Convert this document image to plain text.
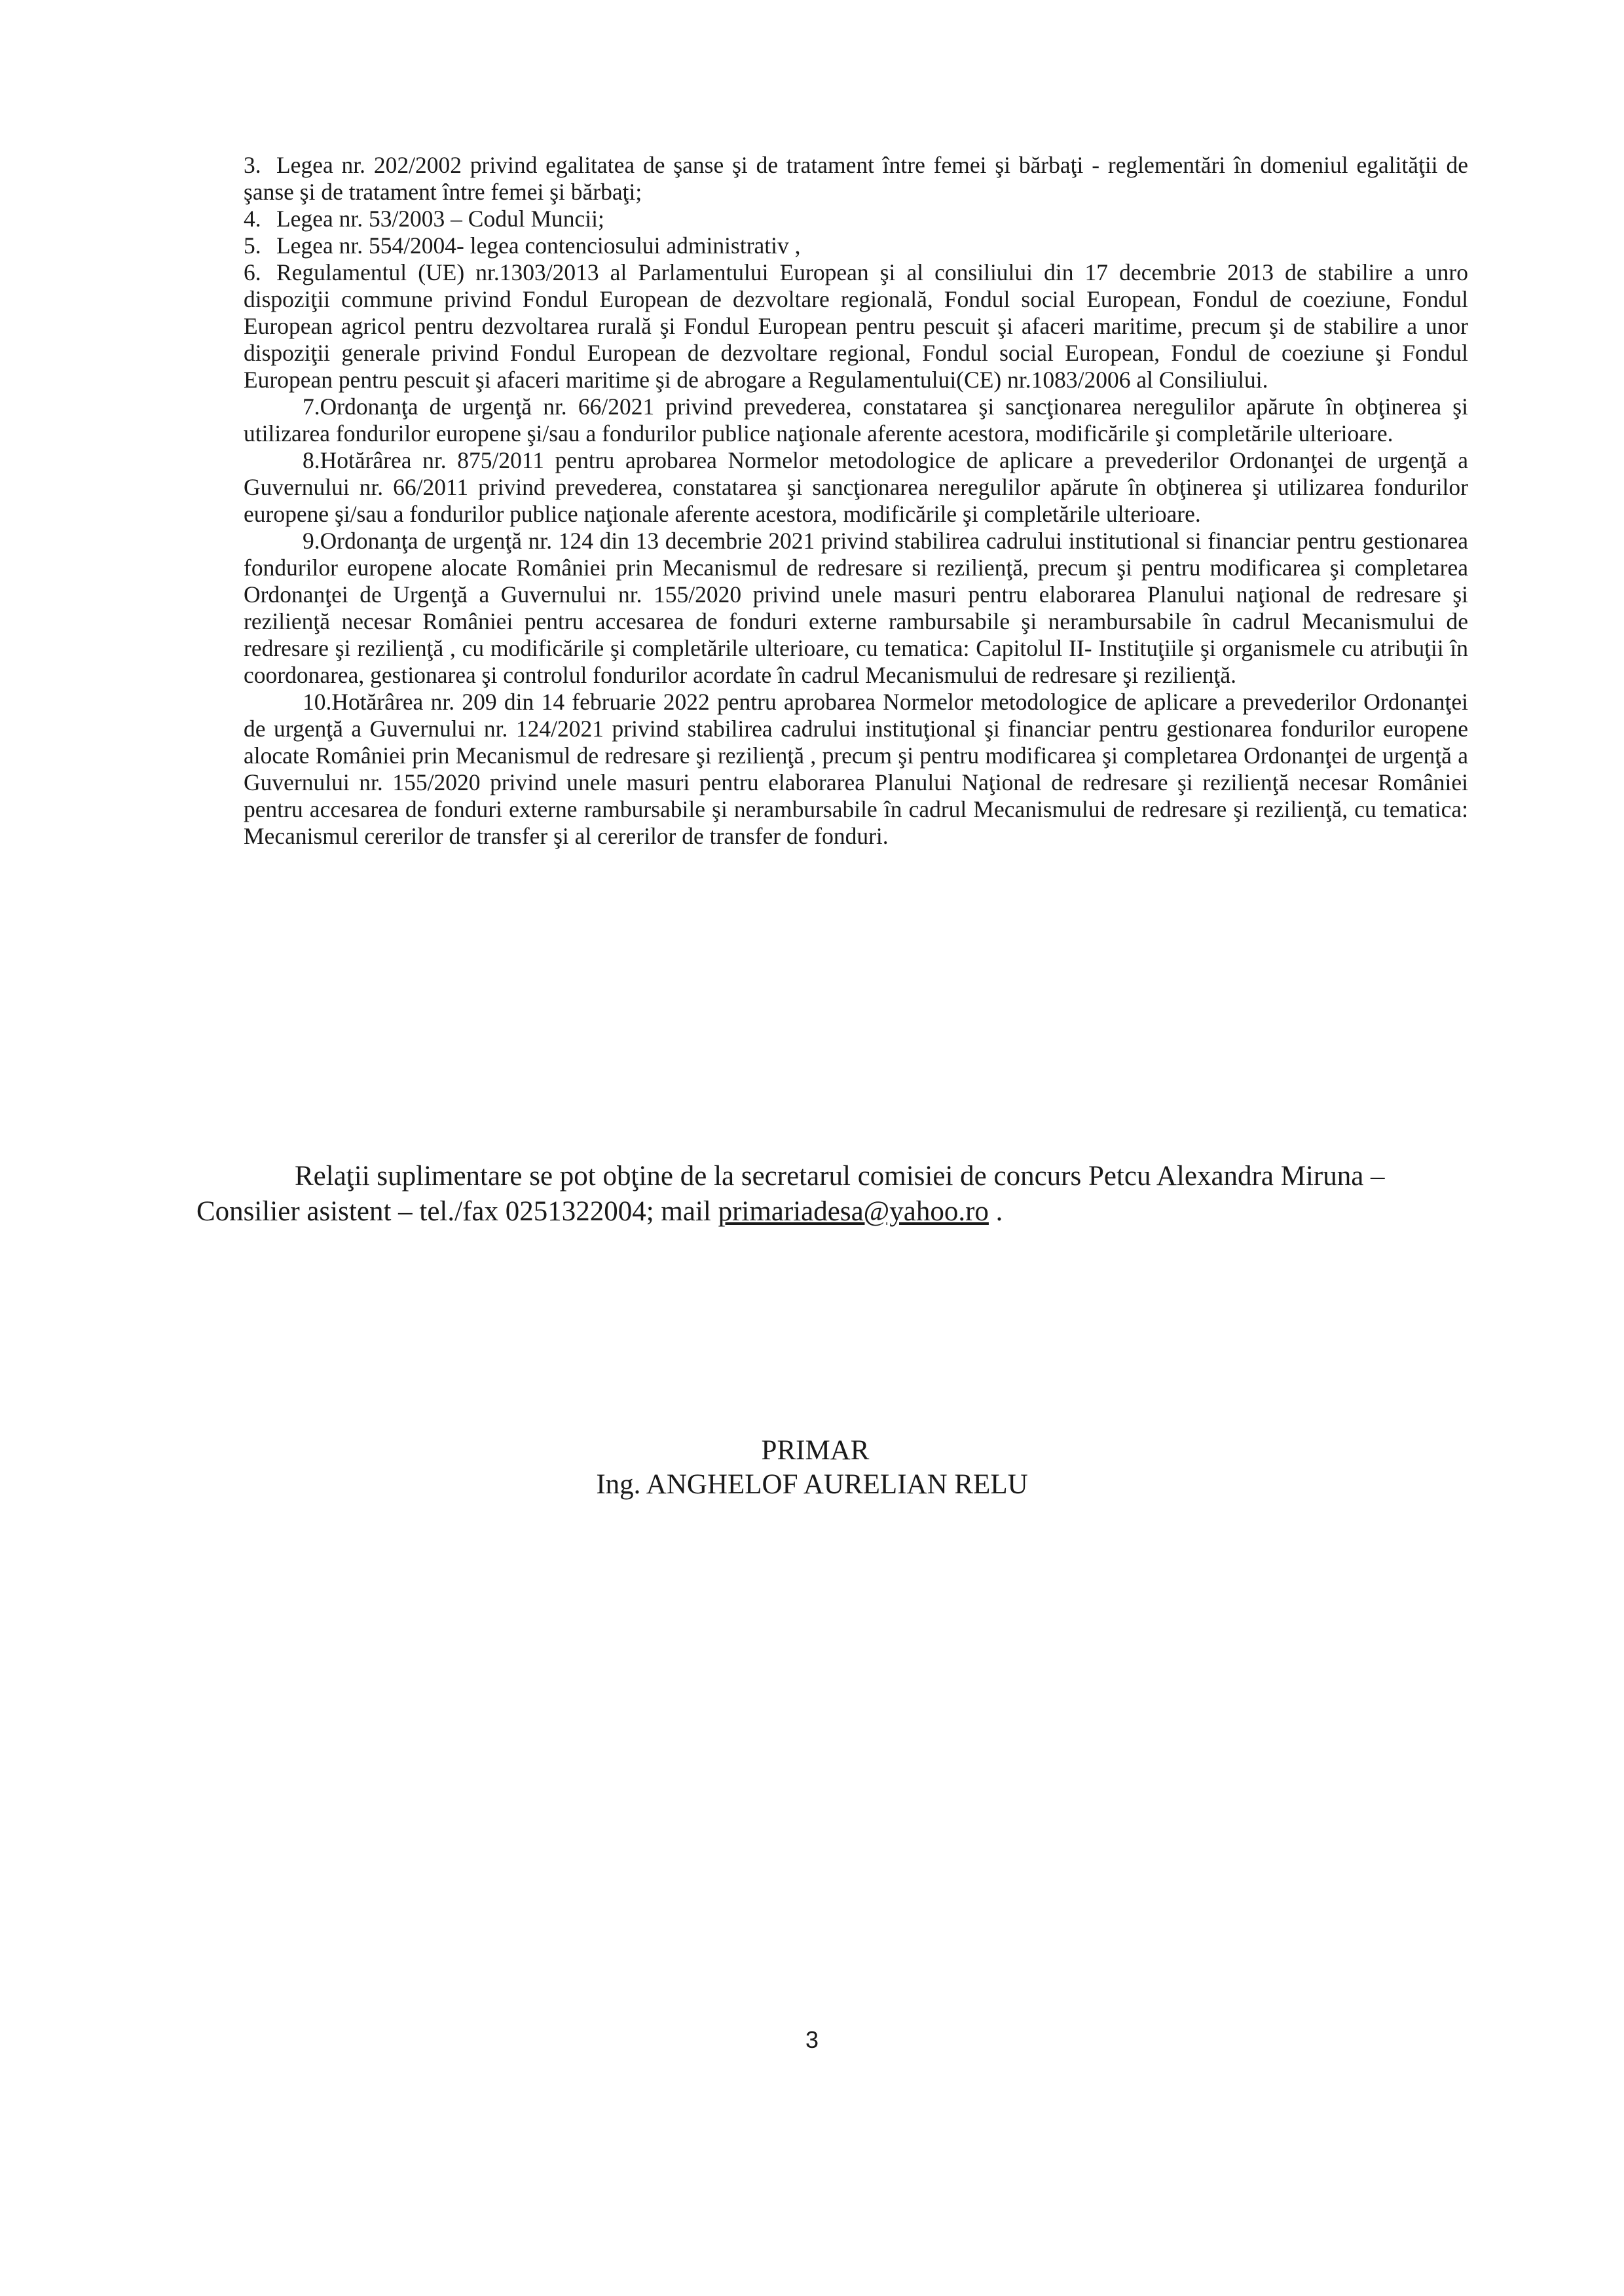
3. Legea nr. 202/2002 privind egalitatea de şanse şi de tratament între femei şi bărbaţi - reglementări în domeniul egalităţii de şanse şi de tratament între femei şi bărbaţi;

4. Legea nr. 53/2003 – Codul Muncii;

5. Legea nr. 554/2004- legea contenciosului administrativ ,

6. Regulamentul (UE) nr.1303/2013 al Parlamentului European şi al consiliului din 17 decembrie 2013 de stabilire a unro dispoziţii commune privind Fondul European de dezvoltare regională, Fondul social European, Fondul de coeziune, Fondul European agricol pentru dezvoltarea rurală şi Fondul European pentru pescuit şi afaceri maritime, precum şi de stabilire a unor dispoziţii generale privind Fondul European de dezvoltare regional, Fondul social European, Fondul de coeziune şi Fondul European pentru pescuit şi afaceri maritime şi de abrogare a Regulamentului(CE) nr.1083/2006 al Consiliului.

7.Ordonanţa de urgenţă nr. 66/2021 privind prevederea, constatarea şi sancţionarea neregulilor apărute în obţinerea şi utilizarea fondurilor europene şi/sau a fondurilor publice naţionale aferente acestora, modificările şi completările ulterioare.

8.Hotărârea nr. 875/2011 pentru aprobarea Normelor metodologice de aplicare a prevederilor Ordonanţei de urgenţă a Guvernului nr. 66/2011 privind prevederea, constatarea şi sancţionarea neregulilor apărute în obţinerea şi utilizarea fondurilor europene şi/sau a fondurilor publice naţionale aferente acestora, modificările şi completările ulterioare.

9.Ordonanţa de urgenţă nr. 124 din 13 decembrie 2021 privind stabilirea cadrului institutional si financiar pentru gestionarea fondurilor europene alocate României prin Mecanismul de redresare si rezilienţă, precum şi pentru modificarea şi completarea Ordonanţei de Urgenţă a Guvernului nr. 155/2020 privind unele masuri pentru elaborarea Planului naţional de redresare şi rezilienţă necesar României pentru accesarea de fonduri externe rambursabile şi nerambursabile în cadrul Mecanismului de redresare şi rezilienţă , cu modificările şi completările ulterioare, cu tematica: Capitolul II- Instituţiile şi organismele cu atribuţii în coordonarea, gestionarea şi controlul fondurilor acordate în cadrul Mecanismului de redresare şi rezilienţă.

10.Hotărârea nr. 209 din 14 februarie 2022 pentru aprobarea Normelor metodologice de aplicare a prevederilor Ordonanţei de urgenţă a Guvernului nr. 124/2021 privind stabilirea cadrului instituţional şi financiar pentru gestionarea fondurilor europene alocate României prin Mecanismul de redresare şi rezilienţă , precum şi pentru modificarea şi completarea Ordonanţei de urgenţă a Guvernului nr. 155/2020 privind unele masuri pentru elaborarea Planului Naţional de redresare şi rezilienţă necesar României pentru accesarea de fonduri externe rambursabile şi nerambursabile în cadrul Mecanismului de redresare şi rezilienţă, cu tematica: Mecanismul cererilor de transfer şi al cererilor de transfer de fonduri.

Relaţii suplimentare se pot obţine de la secretarul comisiei de concurs Petcu Alexandra Miruna – Consilier asistent – tel./fax 0251322004; mail primariadesa@yahoo.ro .

PRIMAR
Ing. ANGHELOF AURELIAN RELU
3
